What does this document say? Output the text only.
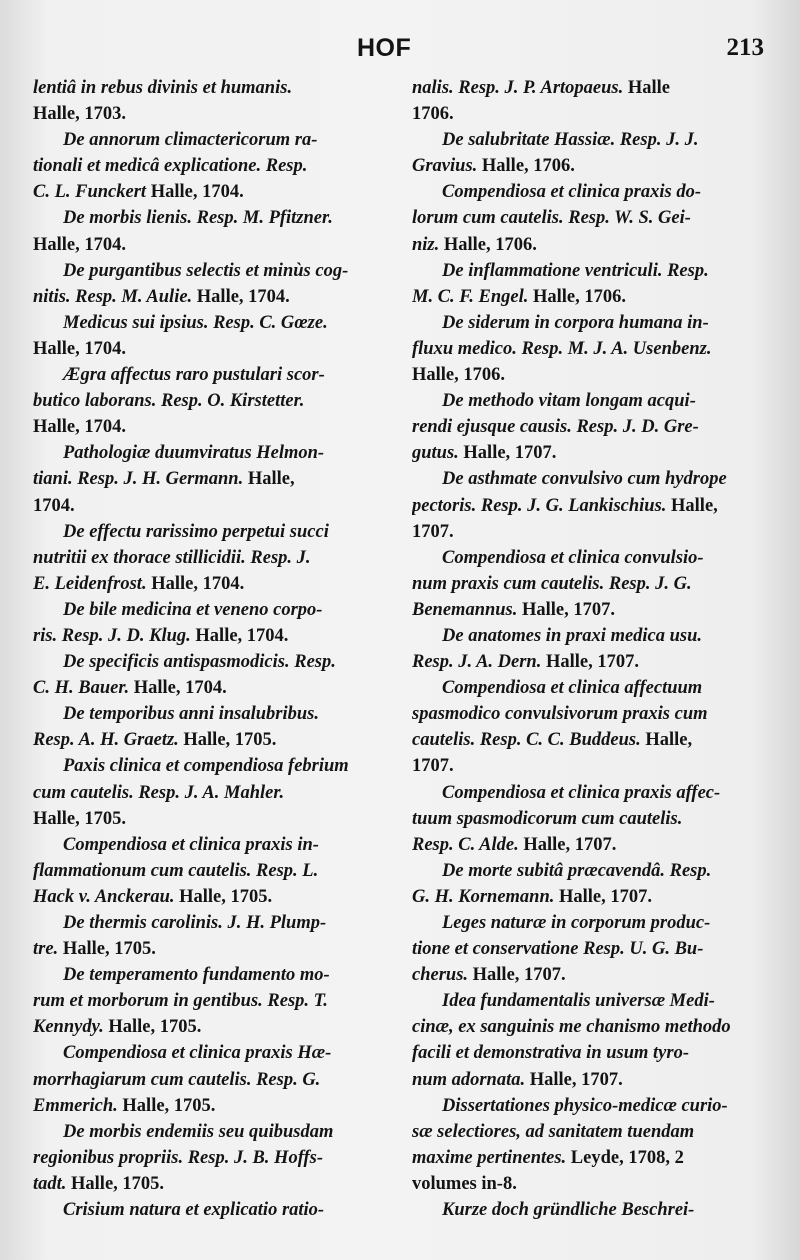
HOF	213
lentiâ in rebus divinis et humanis.
Halle, 1703.
De annorum climactericorum ra-
tionali et medicâ explicatione. Resp.
C. L. Funckert Halle, 1704.
De morbis lienis. Resp. M. Pfitzner.
Halle, 1704.
De purgantibus selectis et minùs cog-
nitis. Resp. M. Aulie. Halle, 1704.
Medicus sui ipsius. Resp. C. Gœze.
Halle, 1704.
Ægra affectus raro pustulari scor-
butico laborans. Resp. O. Kirstetter.
Halle, 1704.
Pathologiæ duumviratus Helmon-
tiani. Resp. J. H. Germann. Halle,
1704.
De effectu rarissimo perpetui succi
nutritii ex thorace stillicidii. Resp. J.
E. Leidenfrost. Halle, 1704.
De bile medicina et veneno corpo-
ris. Resp. J. D. Klug. Halle, 1704.
De specificis antispasmodicis. Resp.
C. H. Bauer. Halle, 1704.
De temporibus anni insalubribus.
Resp. A. H. Graetz. Halle, 1705.
Paxis clinica et compendiosa febrium
cum cautelis. Resp. J. A. Mahler.
Halle, 1705.
Compendiosa et clinica praxis in-
flammationum cum cautelis. Resp. L.
Hack v. Anckerau. Halle, 1705.
De thermis carolinis. J. H. Plump-
tre. Halle, 1705.
De temperamento fundamento mo-
rum et morborum in gentibus. Resp. T.
Kennydy. Halle, 1705.
Compendiosa et clinica praxis Hæ-
morrhagiarum cum cautelis. Resp. G.
Emmerich. Halle, 1705.
De morbis endemiis seu quibusdam
regionibus propriis. Resp. J. B. Hoffs-
tadt. Halle, 1705.
Crisium natura et explicatio ratio-
nalis. Resp. J. P. Artopaeus. Halle
1706.
De salubritate Hassiæ. Resp. J. J.
Gravius. Halle, 1706.
Compendiosa et clinica praxis do-
lorum cum cautelis. Resp. W. S. Gei-
niz. Halle, 1706.
De inflammatione ventriculi. Resp.
M. C. F. Engel. Halle, 1706.
De siderum in corpora humana in-
fluxu medico. Resp. M. J. A. Usenbenz.
Halle, 1706.
De methodo vitam longam acqui-
rendi ejusque causis. Resp. J. D. Gre-
gutus. Halle, 1707.
De asthmate convulsivo cum hydrope
pectoris. Resp. J. G. Lankischius. Halle,
1707.
Compendiosa et clinica convulsio-
num praxis cum cautelis. Resp. J. G.
Benemannus. Halle, 1707.
De anatomes in praxi medica usu.
Resp. J. A. Dern. Halle, 1707.
Compendiosa et clinica affectuum
spasmodico convulsivorum praxis cum
cautelis. Resp. C. C. Buddeus. Halle,
1707.
Compendiosa et clinica praxis affec-
tuum spasmodicorum cum cautelis.
Resp. C. Alde. Halle, 1707.
De morte subitâ præcavendâ. Resp.
G. H. Kornemann. Halle, 1707.
Leges naturæ in corporum produc-
tione et conservatione Resp. U. G. Bu-
cherus. Halle, 1707.
Idea fundamentalis universæ Medi-
cinæ, ex sanguinis me chanismo methodo
facili et demonstrativa in usum tyro-
num adornata. Halle, 1707.
Dissertationes physico-medicæ curio-
sæ selectiores, ad sanitatem tuendam
maxime pertinentes. Leyde, 1708, 2
volumes in-8.
Kurze doch gründliche Beschrei-
